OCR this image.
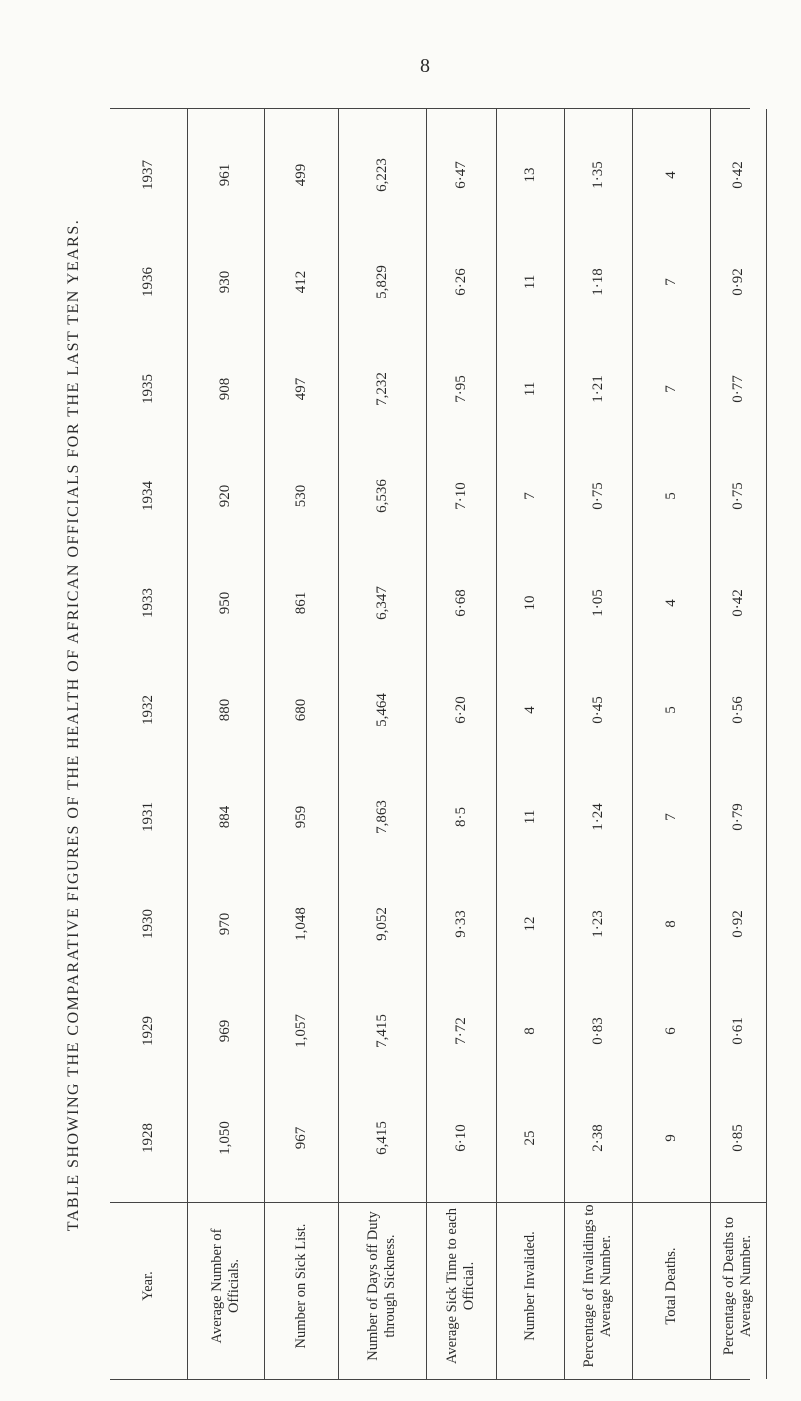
8
TABLE SHOWING THE COMPARATIVE FIGURES OF THE HEALTH OF AFRICAN OFFICIALS FOR THE LAST TEN YEARS.
Year.
1928
1929
1930
1931
1932
1933
1934
1935
1936
1937
Average Number of Officials.
1,050
969
970
884
880
950
920
908
930
961
Number on Sick List.
967
1,057
1,048
959
680
861
530
497
412
499
Number of Days off Duty through Sickness.
6,415
7,415
9,052
7,863
5,464
6,347
6,536
7,232
5,829
6,223
Average Sick Time to each Official.
6·10
7·72
9·33
8·5
6·20
6·68
7·10
7·95
6·26
6·47
Number Invalided.
25
8
12
11
4
10
7
11
11
13
Percentage of Invalidings to Average Number.
2·38
0·83
1·23
1·24
0·45
1·05
0·75
1·21
1·18
1·35
Total Deaths.
9
6
8
7
5
4
5
7
7
4
Percentage of Deaths to Average Number.
0·85
0·61
0·92
0·79
0·56
0·42
0·75
0·77
0·92
0·42
